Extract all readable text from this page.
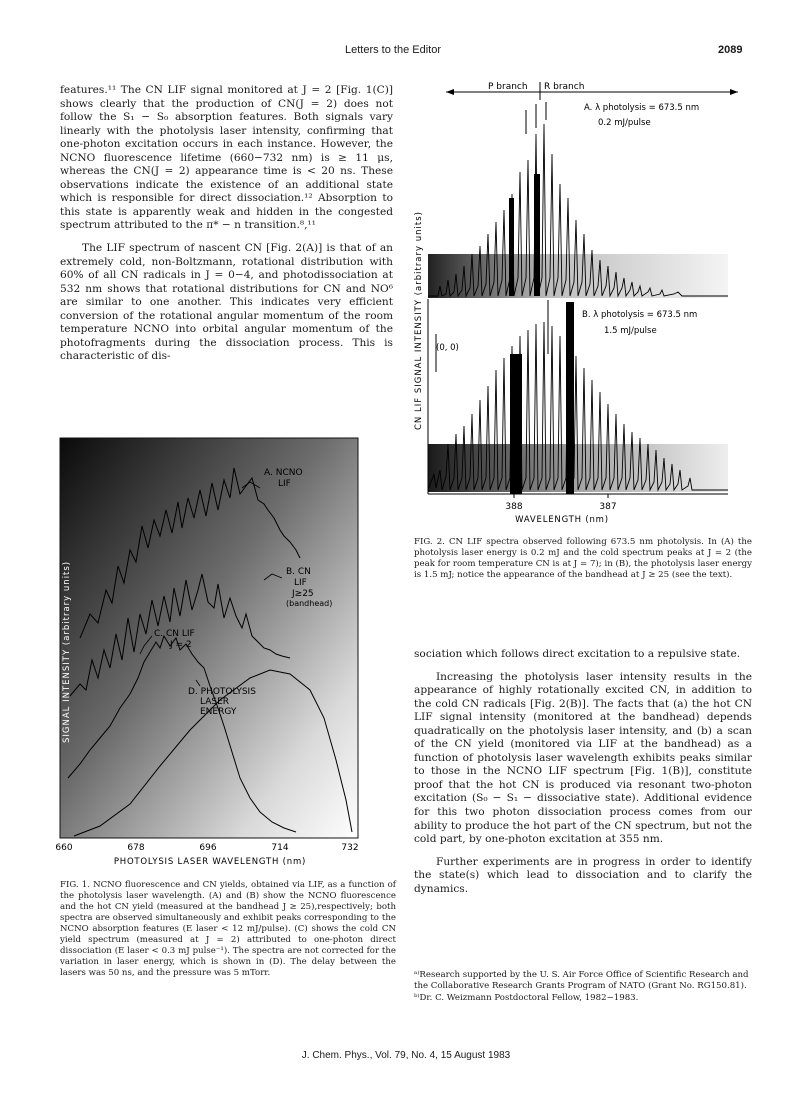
Letters to the Editor	2089

features.¹¹ The CN LIF signal monitored at J = 2 [Fig. 1(C)] shows clearly that the production of CN(J = 2) does not follow the S₁ − S₀ absorption features. Both signals vary linearly with the photolysis laser intensity, confirming that one-photon excitation occurs in each instance. However, the NCNO fluorescence lifetime (660−732 nm) is ≥ 11 μs, whereas the CN(J = 2) appearance time is < 20 ns. These observations indicate the existence of an additional state which is responsible for direct dissociation.¹² Absorption to this state is apparently weak and hidden in the congested spectrum attributed to the π* − n transition.⁸,¹¹

The LIF spectrum of nascent CN [Fig. 2(A)] is that of an extremely cold, non-Boltzmann, rotational distribution with 60% of all CN radicals in J = 0−4, and photodissociation at 532 nm shows that rotational distributions for CN and NO⁶ are similar to one another. This indicates very efficient conversion of the rotational angular momentum of the room temperature NCNO into orbital angular momentum of the photofragments during the dissociation process. This is characteristic of dis-

A. NCNO
LIF
B. CN
LIF
J≥25
(bandhead)
C. CN LIF
J = 2
D. PHOTOLYSIS
LASER
ENERGY
SIGNAL INTENSITY (arbitrary units)
660	678	696	714	732
PHOTOLYSIS LASER WAVELENGTH (nm)
FIG. 1. NCNO fluorescence and CN yields, obtained via LIF, as a function of the photolysis laser wavelength. (A) and (B) show the NCNO fluorescence and the hot CN yield (measured at the bandhead J ≥ 25),respectively; both spectra are observed simultaneously and exhibit peaks corresponding to the NCNO absorption features (E laser < 12 mJ/pulse). (C) shows the cold CN yield spectrum (measured at J = 2) attributed to one-photon direct dissociation (E laser < 0.3 mJ pulse⁻¹). The spectra are not corrected for the variation in laser energy, which is shown in (D). The delay between the lasers was 50 ns, and the pressure was 5 mTorr.
P branch R branch
A. λ photolysis = 673.5 nm
0.2 mJ/pulse
B. λ photolysis = 673.5 nm
1.5 mJ/pulse
(0, 0)
CN LIF SIGNAL INTENSITY (arbitrary units)
388	387
WAVELENGTH (nm)
FIG. 2. CN LIF spectra observed following 673.5 nm photolysis. In (A) the photolysis laser energy is 0.2 mJ and the cold spectrum peaks at J = 2 (the peak for room temperature CN is at J = 7); in (B), the photolysis laser energy is 1.5 mJ; notice the appearance of the bandhead at J ≥ 25 (see the text).

sociation which follows direct excitation to a repulsive state.

Increasing the photolysis laser intensity results in the appearance of highly rotationally excited CN, in addition to the cold CN radicals [Fig. 2(B)]. The facts that (a) the hot CN LIF signal intensity (monitored at the bandhead) depends quadratically on the photolysis laser intensity, and (b) a scan of the CN yield (monitored via LIF at the bandhead) as a function of photolysis laser wavelength exhibits peaks similar to those in the NCNO LIF spectrum [Fig. 1(B)], constitute proof that the hot CN is produced via resonant two-photon excitation (S₀ − S₁ − dissociative state). Additional evidence for this two photon dissociation process comes from our ability to produce the hot part of the CN spectrum, but not the cold part, by one-photon excitation at 355 nm.

Further experiments are in progress in order to identify the state(s) which lead to dissociation and to clarify the dynamics.

ᵃ⁾Research supported by the U. S. Air Force Office of Scientific Research and the Collaborative Research Grants Program of NATO (Grant No. RG150.81).

ᵇ⁾Dr. C. Weizmann Postdoctoral Fellow, 1982−1983.

J. Chem. Phys., Vol. 79, No. 4, 15 August 1983
